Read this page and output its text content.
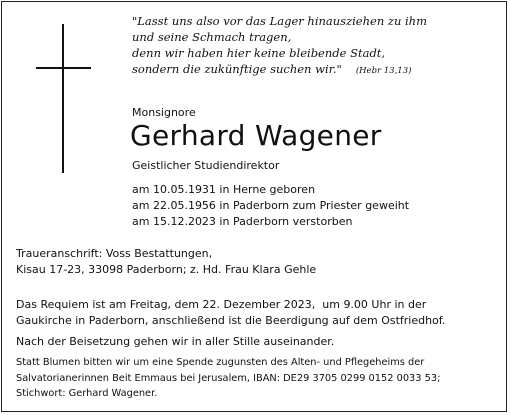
"Lasst uns also vor das Lager hinausziehen zu ihm
und seine Schmach tragen,
denn wir haben hier keine bleibende Stadt,
sondern die zukünftige suchen wir." (Hebr 13,13)
Monsignore
Gerhard Wagener
Geistlicher Studiendirektor
am 10.05.1931 in Herne geboren
am 22.05.1956 in Paderborn zum Priester geweiht
am 15.12.2023 in Paderborn verstorben
Traueranschrift: Voss Bestattungen,
Kisau 17-23, 33098 Paderborn; z. Hd. Frau Klara Gehle
Das Requiem ist am Freitag, dem 22. Dezember 2023,  um 9.00 Uhr in der
Gaukirche in Paderborn, anschließend ist die Beerdigung auf dem Ostfriedhof.
Nach der Beisetzung gehen wir in aller Stille auseinander.
Statt Blumen bitten wir um eine Spende zugunsten des Alten- und Pflegeheims der
Salvatorianerinnen Beit Emmaus bei Jerusalem, IBAN: DE29 3705 0299 0152 0033 53;
Stichwort: Gerhard Wagener.
